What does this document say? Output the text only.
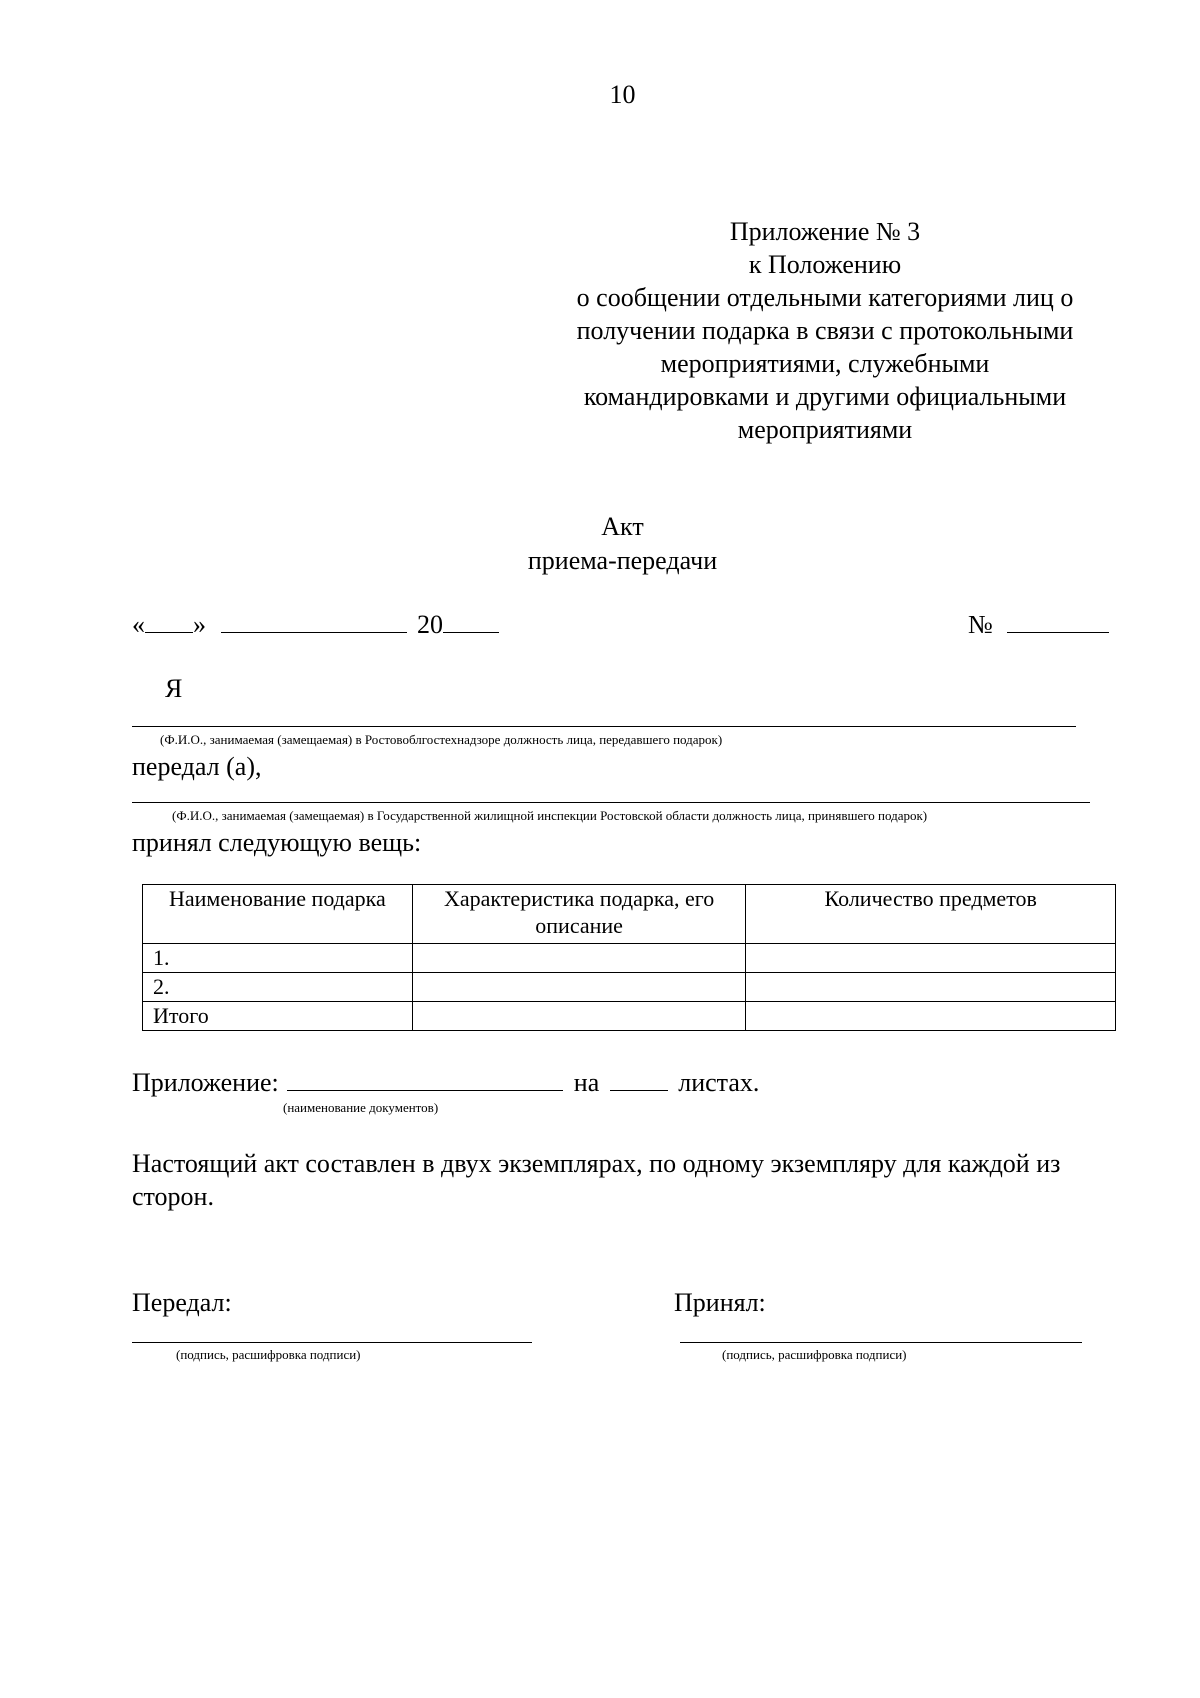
10
Приложение № 3
к Положению
о сообщении отдельными категориями лиц о
получении подарка в связи с протокольными
мероприятиями, служебными
командировками и другими официальными
мероприятиями
Акт
приема-передачи
« »	20	№
Я
(Ф.И.О., занимаемая (замещаемая) в Ростовоблгостехнадзоре должность лица, передавшего подарок)
передал (а),
(Ф.И.О., занимаемая (замещаемая) в Государственной жилищной инспекции Ростовской области должность лица, принявшего подарок)
принял следующую вещь:
Наименование подарка	Характеристика подарка, его описание	Количество предметов
1.		
2.		
Итого		
Приложение:	на	листах.
(наименование документов)
Настоящий акт составлен в двух экземплярах, по одному экземпляру для каждой из сторон.
Передал:
(подпись, расшифровка подписи)
Принял:
(подпись, расшифровка подписи)
